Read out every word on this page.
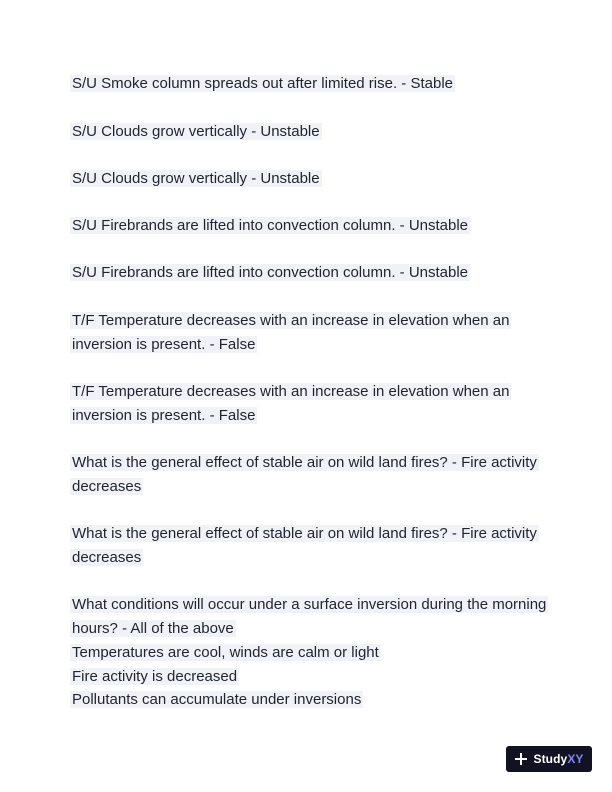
S/U Smoke column spreads out after limited rise. - Stable

S/U Clouds grow vertically - Unstable

S/U Clouds grow vertically - Unstable

S/U Firebrands are lifted into convection column. - Unstable

S/U Firebrands are lifted into convection column. - Unstable

T/F Temperature decreases with an increase in elevation when an

inversion is present. - False

T/F Temperature decreases with an increase in elevation when an

inversion is present. - False

What is the general effect of stable air on wild land fires? - Fire activity

decreases

What is the general effect of stable air on wild land fires? - Fire activity

decreases

What conditions will occur under a surface inversion during the morning

hours? - All of the above

Temperatures are cool, winds are calm or light

Fire activity is decreased

Pollutants can accumulate under inversions

StudyXY
